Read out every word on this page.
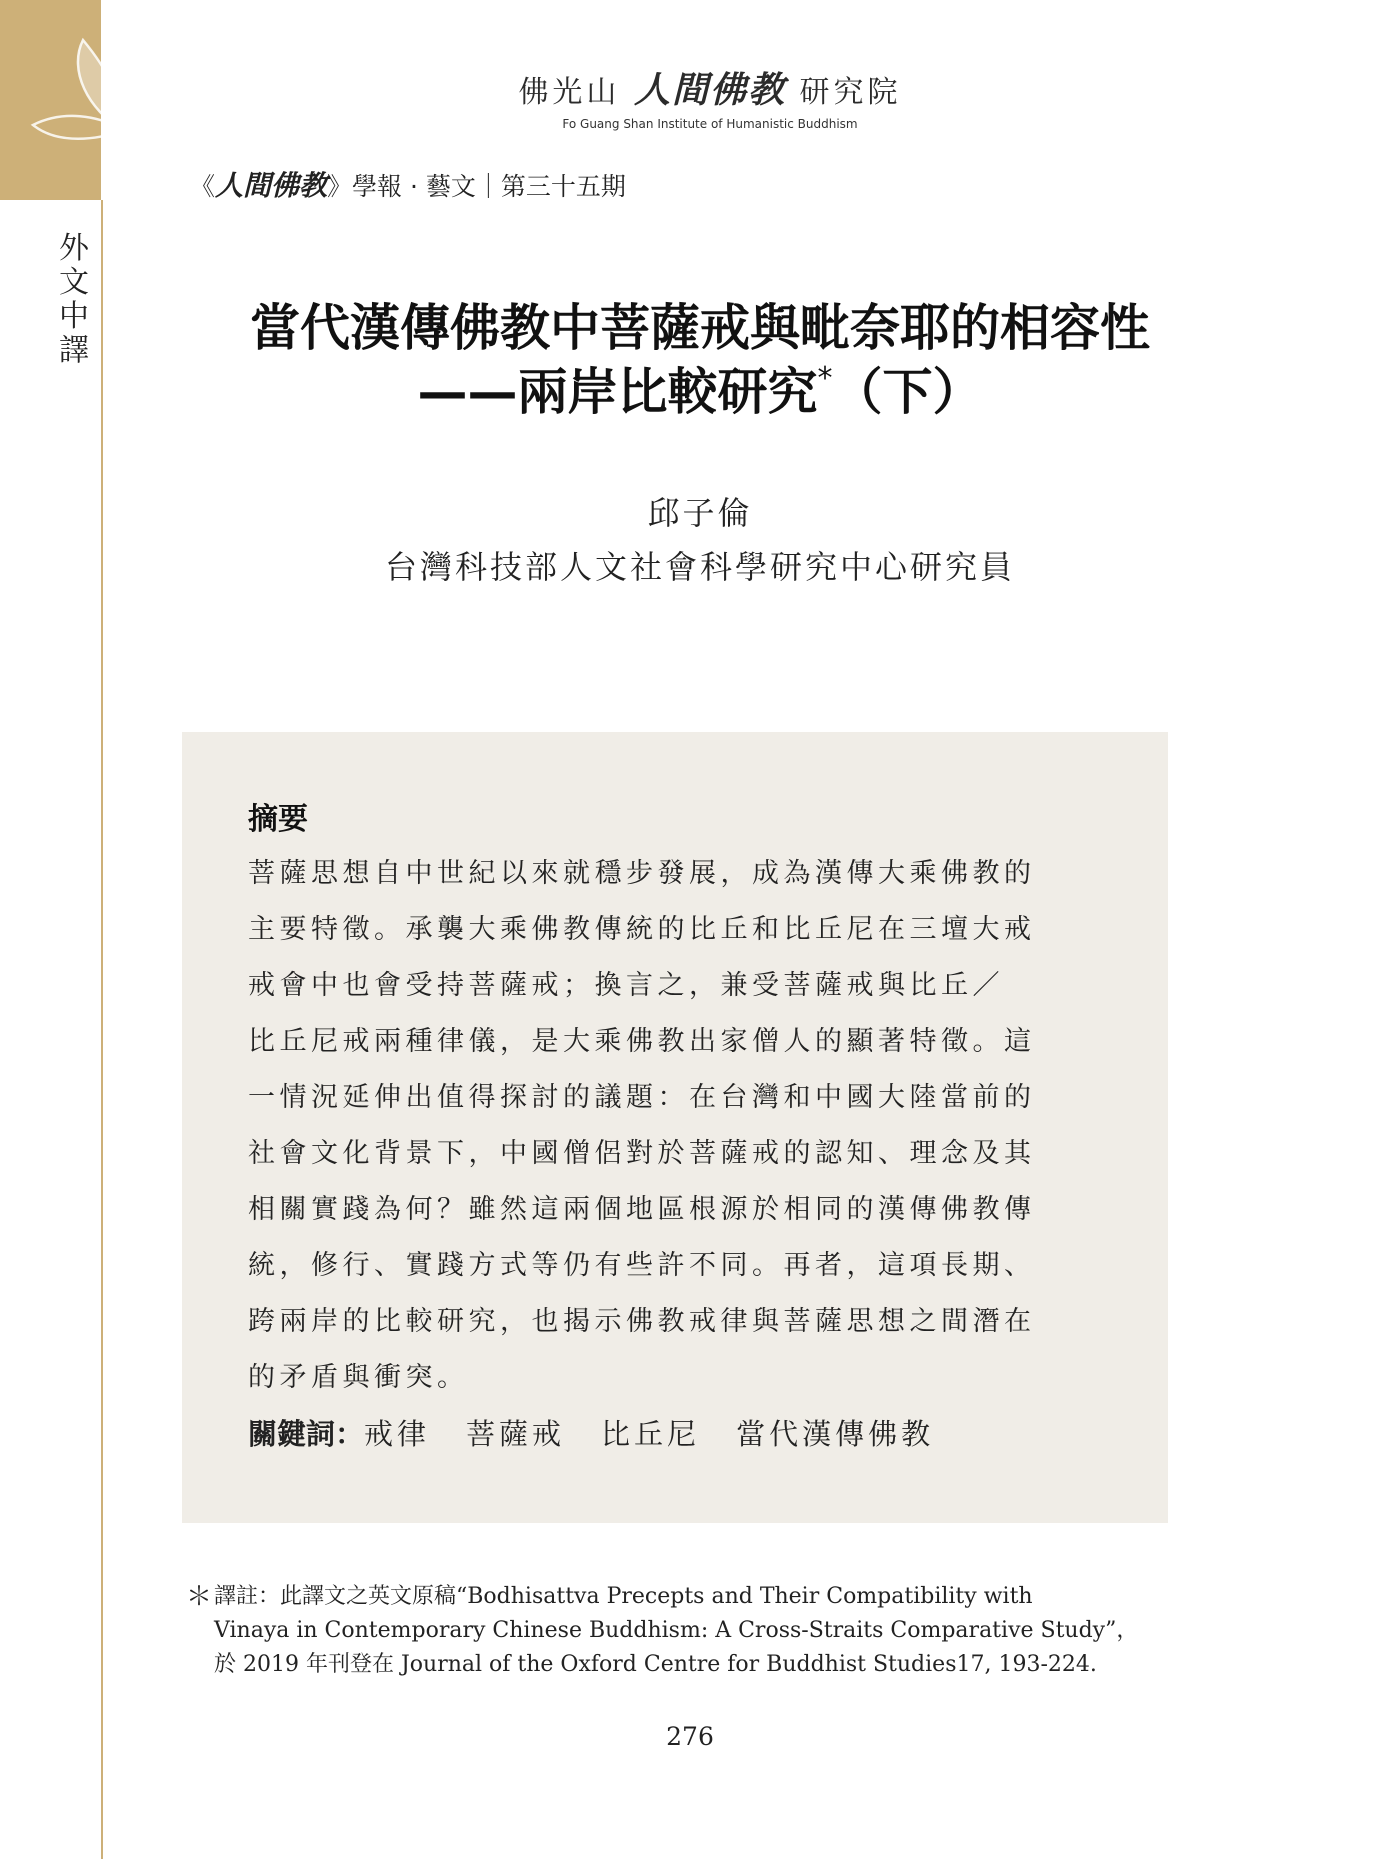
外文中譯
佛光山 人間佛教 研究院
Fo Guang Shan Institute of Humanistic Buddhism
《人間佛教》學報 · 藝文｜第三十五期
當代漢傳佛教中菩薩戒與毗奈耶的相容性
——兩岸比較研究*（下）
邱子倫
台灣科技部人文社會科學研究中心研究員
摘要
菩薩思想自中世紀以來就穩步發展，成為漢傳大乘佛教的
主要特徵。承襲大乘佛教傳統的比丘和比丘尼在三壇大戒
戒會中也會受持菩薩戒；換言之，兼受菩薩戒與比丘／
比丘尼戒兩種律儀，是大乘佛教出家僧人的顯著特徵。這
一情況延伸出值得探討的議題：在台灣和中國大陸當前的
社會文化背景下，中國僧侶對於菩薩戒的認知、理念及其
相關實踐為何？雖然這兩個地區根源於相同的漢傳佛教傳
統，修行、實踐方式等仍有些許不同。再者，這項長期、
跨兩岸的比較研究，也揭示佛教戒律與菩薩思想之間潛在
的矛盾與衝突。
關鍵詞：戒律 菩薩戒 比丘尼 當代漢傳佛教
＊ 譯註：此譯文之英文原稿“Bodhisattva Precepts and Their Compatibility with
Vinaya in Contemporary Chinese Buddhism: A Cross-Straits Comparative Study”，
於 2019 年刊登在 Journal of the Oxford Centre for Buddhist Studies17, 193-224.
276
